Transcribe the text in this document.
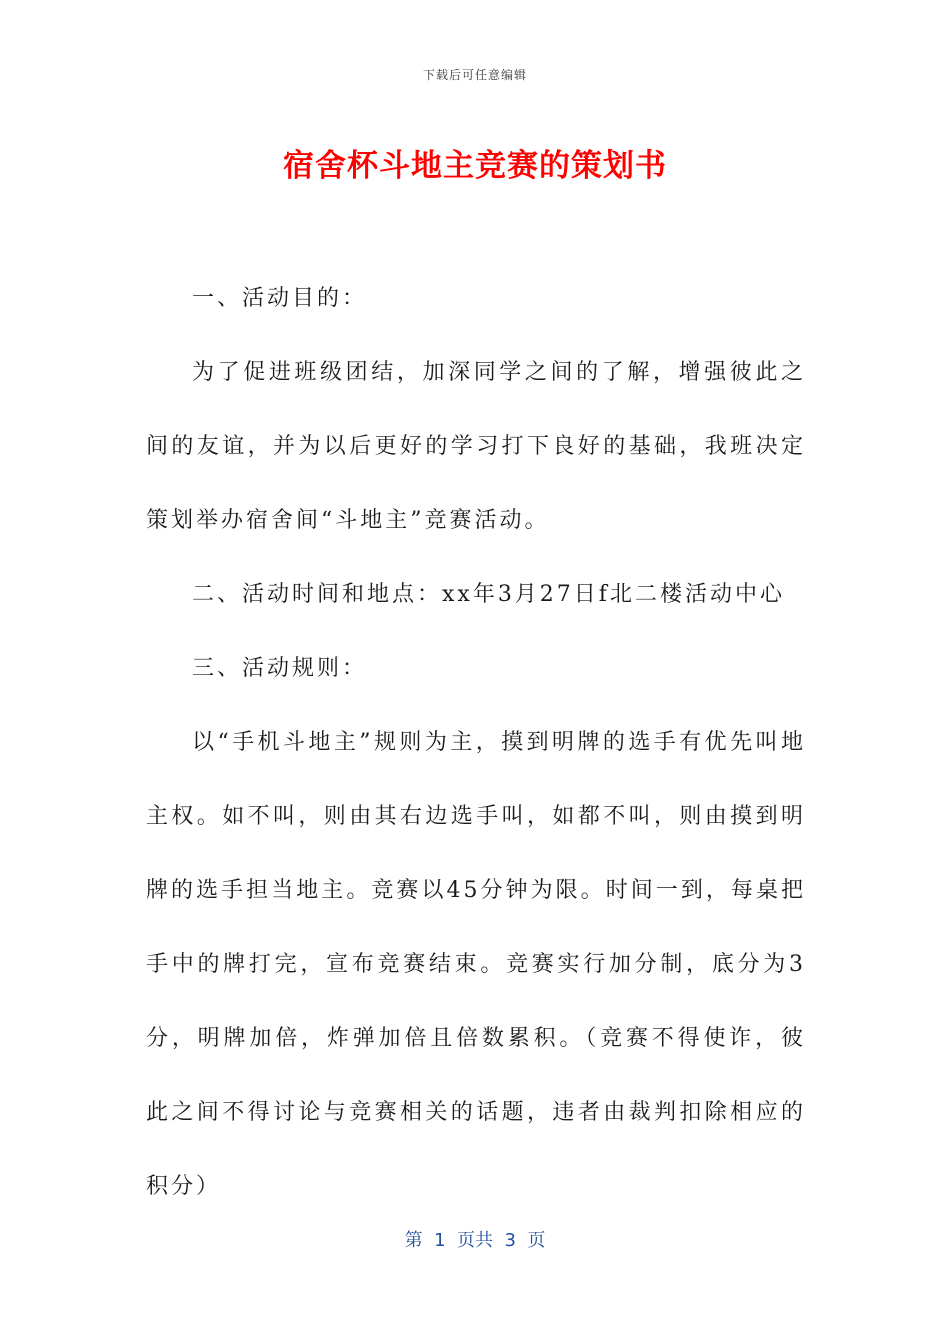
下载后可任意编辑
宿舍杯斗地主竞赛的策划书

一、活动目的：

为了促进班级团结，加深同学之间的了解，增强彼此之间的友谊，并为以后更好的学习打下良好的基础，我班决定策划举办宿舍间“斗地主”竞赛活动。

二、活动时间和地点：xx年3月27日f北二楼活动中心

三、活动规则：

以“手机斗地主”规则为主，摸到明牌的选手有优先叫地主权。如不叫，则由其右边选手叫，如都不叫，则由摸到明牌的选手担当地主。竞赛以45分钟为限。时间一到，每桌把手中的牌打完，宣布竞赛结束。竞赛实行加分制，底分为3分，明牌加倍，炸弹加倍且倍数累积。（竞赛不得使诈，彼此之间不得讨论与竞赛相关的话题，违者由裁判扣除相应的积分）

第  1  页共  3  页
